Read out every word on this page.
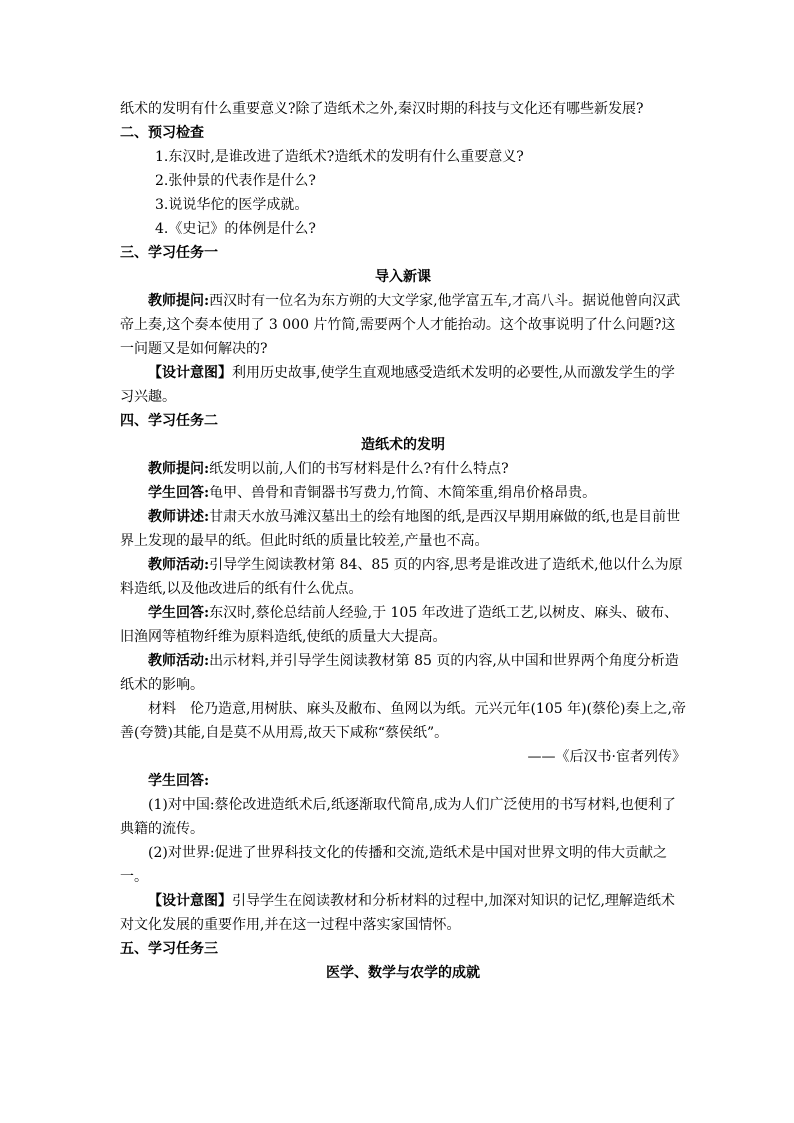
纸术的发明有什么重要意义?除了造纸术之外,秦汉时期的科技与文化还有哪些新发展?

二、预习检查

1.东汉时,是谁改进了造纸术?造纸术的发明有什么重要意义?

2.张仲景的代表作是什么?

3.说说华佗的医学成就。

4.《史记》的体例是什么?

三、学习任务一

导入新课

教师提问:西汉时有一位名为东方朔的大文学家,他学富五车,才高八斗。据说他曾向汉武帝上奏,这个奏本使用了 3 000 片竹简,需要两个人才能抬动。这个故事说明了什么问题?这一问题又是如何解决的?

【设计意图】利用历史故事,使学生直观地感受造纸术发明的必要性,从而激发学生的学习兴趣。

四、学习任务二

造纸术的发明

教师提问:纸发明以前,人们的书写材料是什么?有什么特点?

学生回答:龟甲、兽骨和青铜器书写费力,竹简、木简笨重,绢帛价格昂贵。

教师讲述:甘肃天水放马滩汉墓出土的绘有地图的纸,是西汉早期用麻做的纸,也是目前世界上发现的最早的纸。但此时纸的质量比较差,产量也不高。

教师活动:引导学生阅读教材第 84、85 页的内容,思考是谁改进了造纸术,他以什么为原料造纸,以及他改进后的纸有什么优点。

学生回答:东汉时,蔡伦总结前人经验,于 105 年改进了造纸工艺,以树皮、麻头、破布、旧渔网等植物纤维为原料造纸,使纸的质量大大提高。

教师活动:出示材料,并引导学生阅读教材第 85 页的内容,从中国和世界两个角度分析造纸术的影响。

材料　伦乃造意,用树肤、麻头及敝布、鱼网以为纸。元兴元年(105 年)(蔡伦)奏上之,帝善(夸赞)其能,自是莫不从用焉,故天下咸称“蔡侯纸”。

——《后汉书·宦者列传》

学生回答:

(1)对中国:蔡伦改进造纸术后,纸逐渐取代简帛,成为人们广泛使用的书写材料,也便利了典籍的流传。

(2)对世界:促进了世界科技文化的传播和交流,造纸术是中国对世界文明的伟大贡献之一。

【设计意图】引导学生在阅读教材和分析材料的过程中,加深对知识的记忆,理解造纸术对文化发展的重要作用,并在这一过程中落实家国情怀。

五、学习任务三

医学、数学与农学的成就
